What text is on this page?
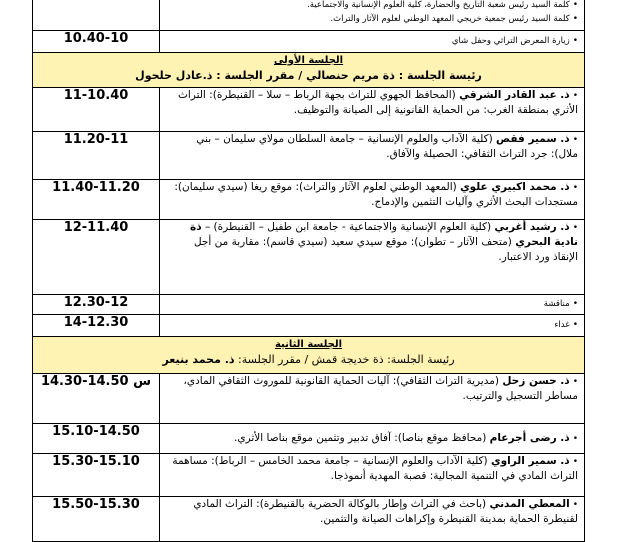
•كلمة السيد رئيس شعبة التاريخ والحضارة، كلية العلوم الإنسانية والاجتماعية.
•كلمة السيد رئيس جمعية خريجي المعهد الوطني لعلوم الآثار والتراث.	

•زيارة المعرض التراثي وحفل شاي	10.40-10

الجلسة الأولى
رئيسة الجلسة : ذة مريم حنصالي / مقرر الجلسة : ذ.عادل حلحول	

•ذ. عبد القادر الشرقي (المحافظ الجهوي للتراث بجهة الرباط – سلا – القنيطرة): التراث الأثري بمنطقة الغرب: من الحماية القانونية إلى الصيانة والتوظيف.	11-10.40
•ذ. سمير فقص (كلية الآداب والعلوم الإنسانية – جامعة السلطان مولاي سليمان – بني ملال): جرد التراث الثقافي: الحصيلة والآفاق.	11.20-11
•ذ. محمد اكبيري علوي (المعهد الوطني لعلوم الآثار والتراث): موقع ريغا (سيدي سليمان): مستجدات البحث الأثري وآليات التثمين والإدماج.	11.40-11.20
•ذ. رشيد أغربي (كلية العلوم الإنسانية والاجتماعية - جامعة ابن طفيل – القنيطرة) – ذة نادية البحري (متحف الآثار – تطوان): موقع سيدي سعيد (سيدي قاسم): مقاربة من أجل الإنقاذ ورد الاعتبار.	12-11.40
•مناقشة	12.30-12
•غداء	14-12.30

الجلسة الثانية
رئيسة الجلسة: ذة خديجة قمش / مقرر الجلسة: ذ. محمد بنيعر	

•ذ. حسن زحل (مديرية التراث الثقافي): آليات الحماية القانونية للموروث الثقافي المادي، مساطر التسجيل والترتيب.	س 14.50-14.30
•ذ. رضى أجرعام (محافظ موقع بناصا): آفاق تدبير وتثمين موقع بناصا الأثري.	15.10-14.50
•ذ. سمير الراوي (كلية الآداب والعلوم الإنسانية – جامعة محمد الخامس – الرباط): مساهمة التراث المادي في التنمية المجالية: قصبة المهدية أنموذجا.	15.30-15.10
•المعطي المدني (باحث في التراث وإطار بالوكالة الحضرية بالقنيطرة): التراث المادي لقنيطرة الحماية بمدينة القنيطرة وإكراهات الصيانة والتثمين.	15.50-15.30
